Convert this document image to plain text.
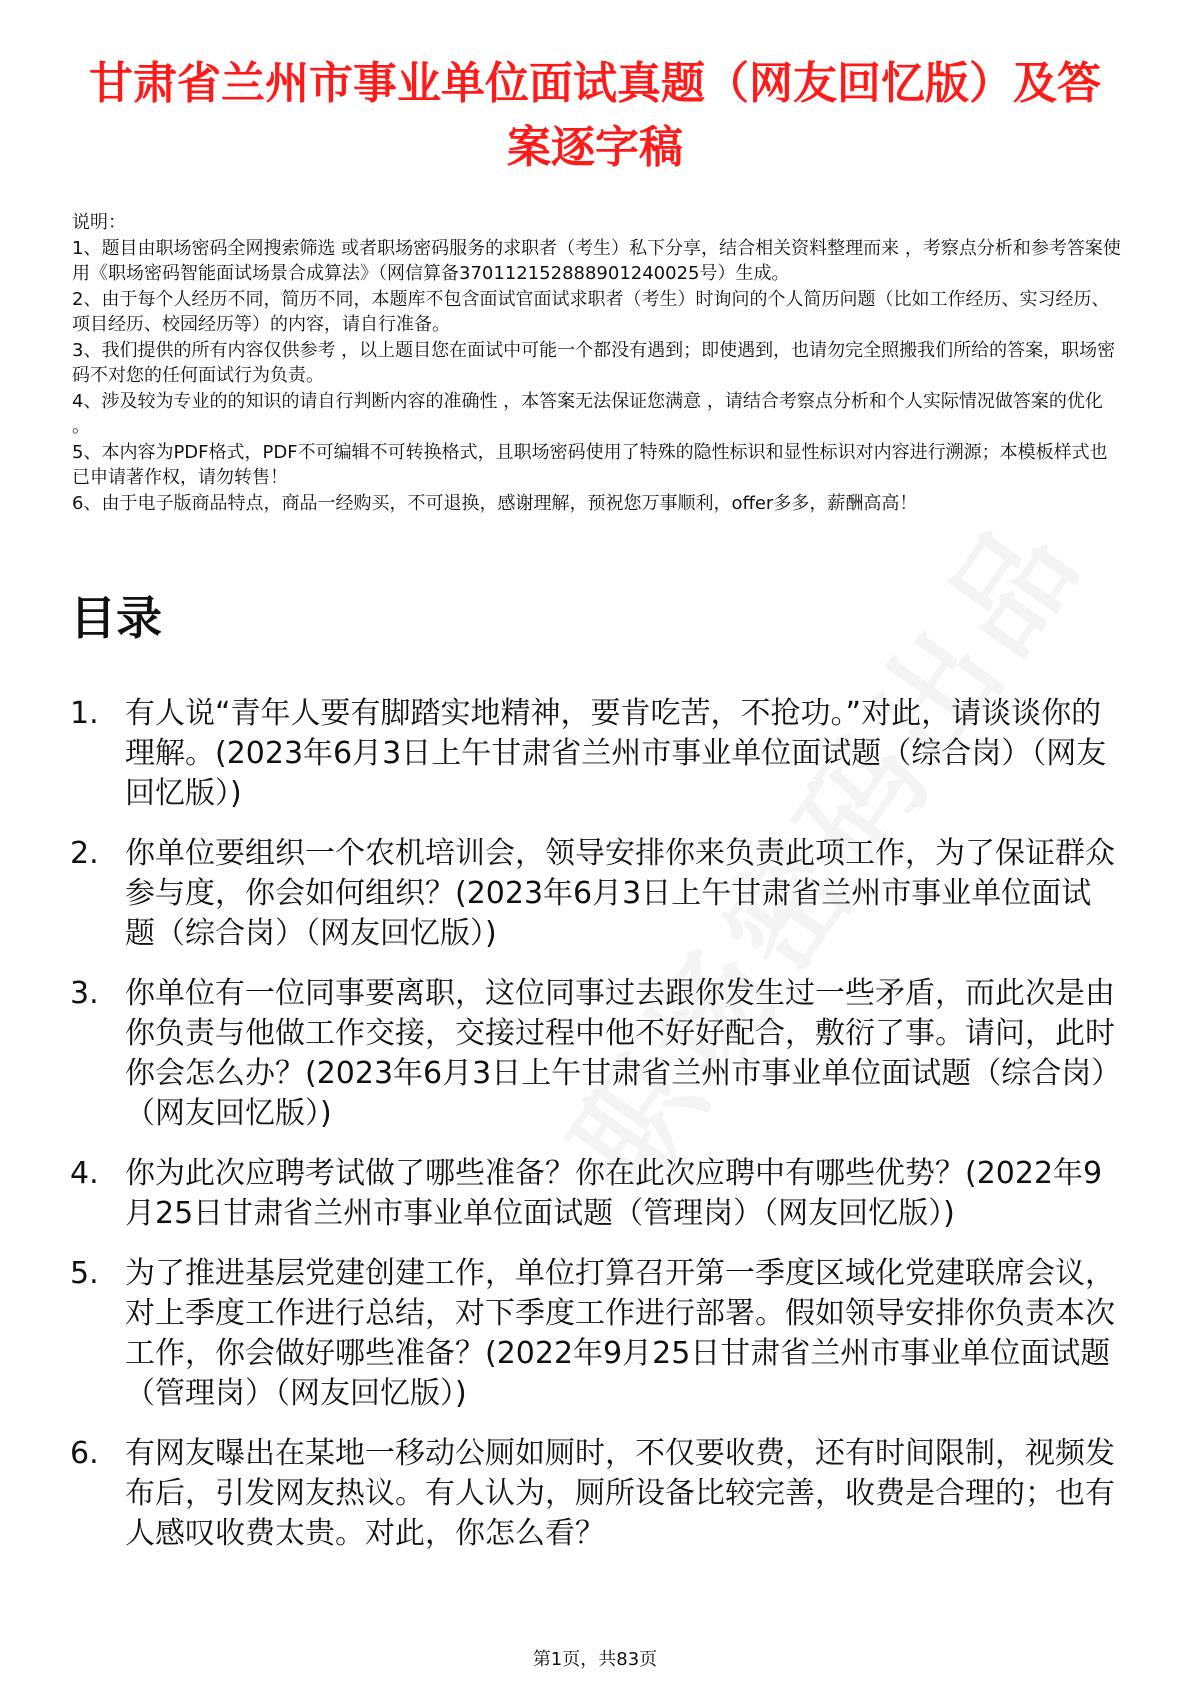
甘肃省兰州市事业单位面试真题（网友回忆版）及答案逐字稿

说明：

1、题目由职场密码全网搜索筛选 或者职场密码服务的求职者（考生）私下分享，结合相关资料整理而来 ，考察点分析和参考答案使用《职场密码智能面试场景合成算法》（网信算备370112152888901240025号）生成。

2、由于每个人经历不同，简历不同，本题库不包含面试官面试求职者（考生）时询问的个人简历问题（比如工作经历、实习经历、项目经历、校园经历等）的内容，请自行准备。

3、我们提供的所有内容仅供参考 ，以上题目您在面试中可能一个都没有遇到；即使遇到，也请勿完全照搬我们所给的答案，职场密码不对您的任何面试行为负责。

4、涉及较为专业的的知识的请自行判断内容的准确性 ，本答案无法保证您满意 ，请结合考察点分析和个人实际情况做答案的优化 。

5、本内容为PDF格式，PDF不可编辑不可转换格式，且职场密码使用了特殊的隐性标识和显性标识对内容进行溯源；本模板样式也已申请著作权，请勿转售！

6、由于电子版商品特点，商品一经购买，不可退换，感谢理解，预祝您万事顺利，offer多多，薪酬高高！

目录
1. 有人说“青年人要有脚踏实地精神，要肯吃苦，不抢功。”对此，请谈谈你的理解。(2023年6月3日上午甘肃省兰州市事业单位面试题（综合岗）（网友回忆版）)
2. 你单位要组织一个农机培训会，领导安排你来负责此项工作，为了保证群众参与度，你会如何组织？(2023年6月3日上午甘肃省兰州市事业单位面试题（综合岗）（网友回忆版）)
3. 你单位有一位同事要离职，这位同事过去跟你发生过一些矛盾，而此次是由你负责与他做工作交接，交接过程中他不好好配合，敷衍了事。请问，此时你会怎么办？(2023年6月3日上午甘肃省兰州市事业单位面试题（综合岗）（网友回忆版）)
4. 你为此次应聘考试做了哪些准备？你在此次应聘中有哪些优势？(2022年9月25日甘肃省兰州市事业单位面试题（管理岗）（网友回忆版）)
5. 为了推进基层党建创建工作，单位打算召开第一季度区域化党建联席会议，对上季度工作进行总结，对下季度工作进行部署。假如领导安排你负责本次工作，你会做好哪些准备？(2022年9月25日甘肃省兰州市事业单位面试题（管理岗）（网友回忆版）)
6. 有网友曝出在某地一移动公厕如厕时，不仅要收费，还有时间限制，视频发布后，引发网友热议。有人认为，厕所设备比较完善，收费是合理的；也有人感叹收费太贵。对此，你怎么看？
第1页，共83页
